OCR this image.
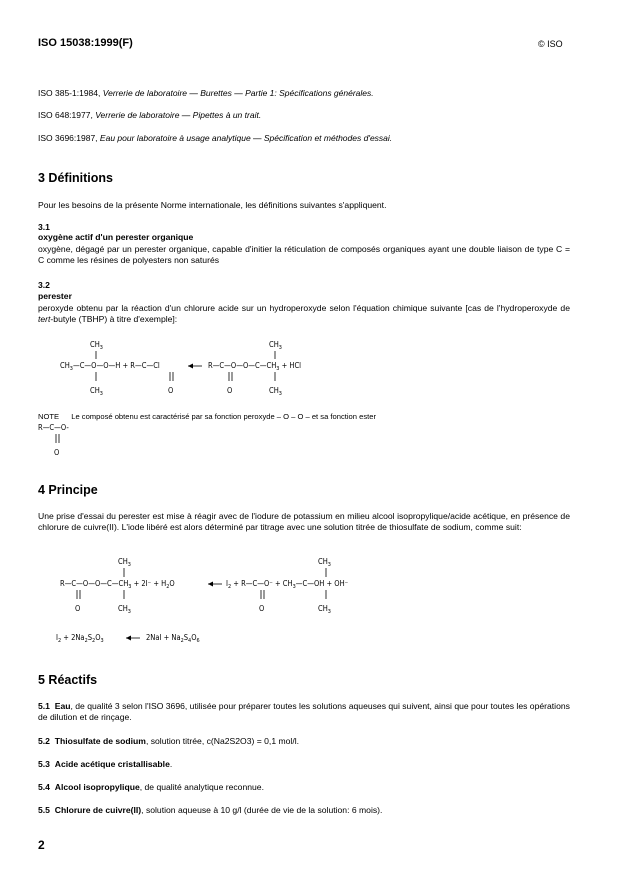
ISO 15038:1999(F)	© ISO
ISO 385-1:1984, Verrerie de laboratoire — Burettes — Partie 1: Spécifications générales.
ISO 648:1977, Verrerie de laboratoire — Pipettes à un trait.
ISO 3696:1987, Eau pour laboratoire à usage analytique — Spécification et méthodes d'essai.
3 Définitions
Pour les besoins de la présente Norme internationale, les définitions suivantes s'appliquent.
3.1
oxygène actif d'un perester organique
oxygène, dégagé par un perester organique, capable d'initier la réticulation de composés organiques ayant une double liaison de type C = C comme les résines de polyesters non saturés
3.2
perester
peroxyde obtenu par la réaction d'un chlorure acide sur un hydroperoxyde selon l'équation chimique suivante [cas de l'hydroperoxyde de tert-butyle (TBHP) à titre d'exemple]:
$CH_3$
$CH_3—C—O—O—H$ + R—C—Cl
$CH_3$	O
$R—C—O—O—C—CH_3$ + HCl
O
$CH_3$
$CH_3$
NOTE Le composé obtenu est caractérisé par sa fonction peroxyde – O – O – et sa fonction ester
R—C—O-
O
4 Principe
Une prise d'essai du perester est mise à réagir avec de l'iodure de potassium en milieu alcool isopropylique/acide acétique, en présence de chlorure de cuivre(II). L'iode libéré est alors déterminé par titrage avec une solution titrée de thiosulfate de sodium, comme suit:
$CH_3$
$R—C—O—O—C—CH_3 + 2I^- + H_2O$
O	$CH_3$
$I_2$ + R—C—O⁻ + $CH_3—C—OH + OH^-$
O
$CH_3$
$CH_3$
$I_2 + 2Na_2S_2O_3$	$2NaI + Na_2S_4O_6$
5 Réactifs
5.1 Eau, de qualité 3 selon l'ISO 3696, utilisée pour préparer toutes les solutions aqueuses qui suivent, ainsi que pour toutes les opérations de dilution et de rinçage.
5.2 Thiosulfate de sodium, solution titrée, c(Na2S2O3) = 0,1 mol/l.
5.3 Acide acétique cristallisable.
5.4 Alcool isopropylique, de qualité analytique reconnue.
5.5 Chlorure de cuivre(II), solution aqueuse à 10 g/l (durée de vie de la solution: 6 mois).
2
